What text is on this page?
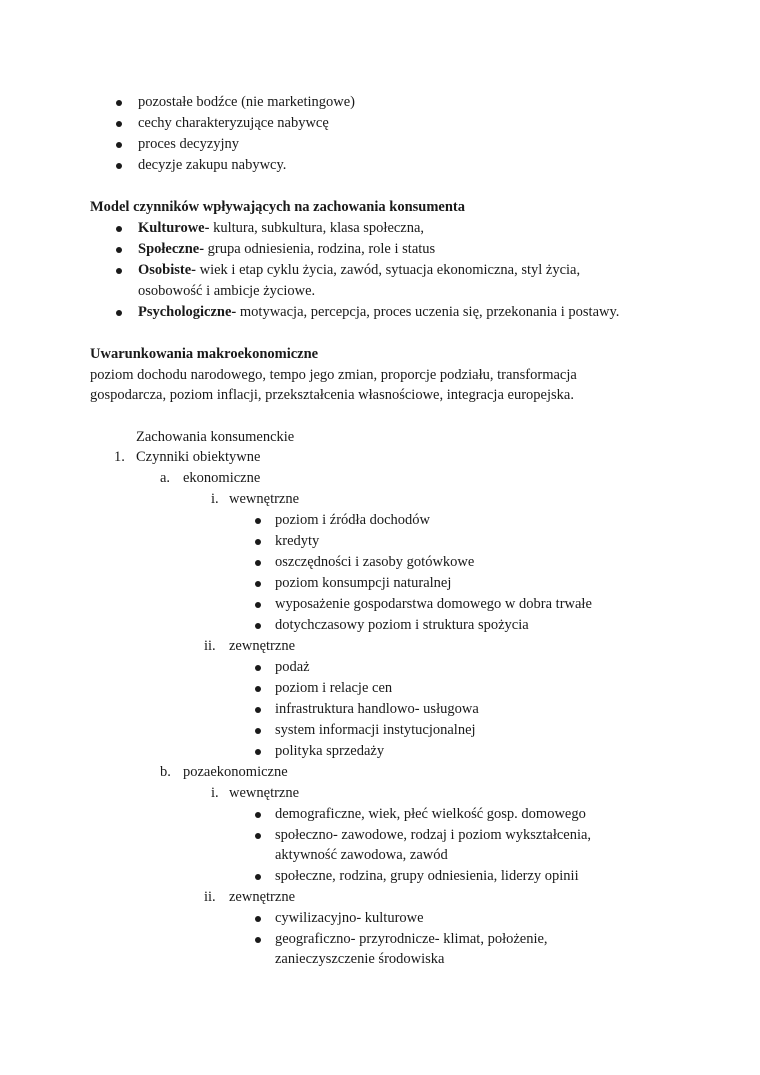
pozostałe bodźce (nie marketingowe)
cechy charakteryzujące nabywcę
proces decyzyjny
decyzje zakupu nabywcy.
Model czynników wpływających na zachowania konsumenta
Kulturowe- kultura, subkultura, klasa społeczna,
Społeczne- grupa odniesienia, rodzina, role i status
Osobiste- wiek i etap cyklu życia, zawód, sytuacja ekonomiczna, styl życia,
osobowość i ambicje życiowe.
Psychologiczne- motywacja, percepcja, proces uczenia się, przekonania i postawy.
Uwarunkowania makroekonomiczne
poziom dochodu narodowego, tempo jego zmian, proporcje podziału, transformacja
gospodarcza, poziom inflacji, przekształcenia własnościowe, integracja europejska.
Zachowania konsumenckie
1. Czynniki obiektywne
a. ekonomiczne
i. wewnętrzne
poziom i źródła dochodów
kredyty
oszczędności i zasoby gotówkowe
poziom konsumpcji naturalnej
wyposażenie gospodarstwa domowego w dobra trwałe
dotychczasowy poziom i struktura spożycia
ii. zewnętrzne
podaż
poziom i relacje cen
infrastruktura handlowo- usługowa
system informacji instytucjonalnej
polityka sprzedaży
b. pozaekonomiczne
i. wewnętrzne
demograficzne, wiek, płeć wielkość gosp. domowego
społeczno- zawodowe, rodzaj i poziom wykształcenia,
aktywność zawodowa, zawód
społeczne, rodzina, grupy odniesienia, liderzy opinii
ii. zewnętrzne
cywilizacyjno- kulturowe
geograficzno- przyrodnicze- klimat, położenie,
zanieczyszczenie środowiska
